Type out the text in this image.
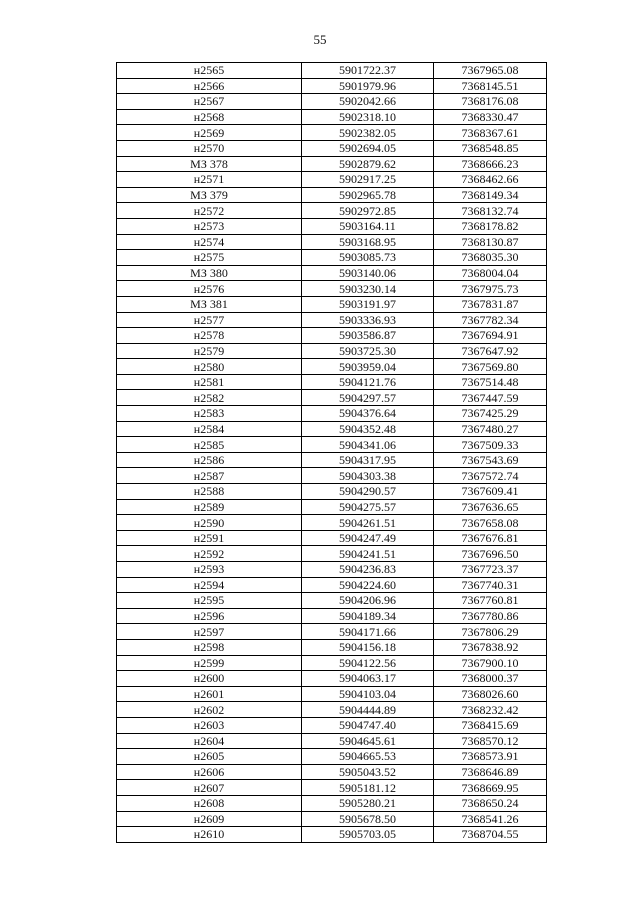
55
н2565	5901722.37	7367965.08
н2566	5901979.96	7368145.51
н2567	5902042.66	7368176.08
н2568	5902318.10	7368330.47
н2569	5902382.05	7368367.61
н2570	5902694.05	7368548.85
МЗ 378	5902879.62	7368666.23
н2571	5902917.25	7368462.66
МЗ 379	5902965.78	7368149.34
н2572	5902972.85	7368132.74
н2573	5903164.11	7368178.82
н2574	5903168.95	7368130.87
н2575	5903085.73	7368035.30
МЗ 380	5903140.06	7368004.04
н2576	5903230.14	7367975.73
МЗ 381	5903191.97	7367831.87
н2577	5903336.93	7367782.34
н2578	5903586.87	7367694.91
н2579	5903725.30	7367647.92
н2580	5903959.04	7367569.80
н2581	5904121.76	7367514.48
н2582	5904297.57	7367447.59
н2583	5904376.64	7367425.29
н2584	5904352.48	7367480.27
н2585	5904341.06	7367509.33
н2586	5904317.95	7367543.69
н2587	5904303.38	7367572.74
н2588	5904290.57	7367609.41
н2589	5904275.57	7367636.65
н2590	5904261.51	7367658.08
н2591	5904247.49	7367676.81
н2592	5904241.51	7367696.50
н2593	5904236.83	7367723.37
н2594	5904224.60	7367740.31
н2595	5904206.96	7367760.81
н2596	5904189.34	7367780.86
н2597	5904171.66	7367806.29
н2598	5904156.18	7367838.92
н2599	5904122.56	7367900.10
н2600	5904063.17	7368000.37
н2601	5904103.04	7368026.60
н2602	5904444.89	7368232.42
н2603	5904747.40	7368415.69
н2604	5904645.61	7368570.12
н2605	5904665.53	7368573.91
н2606	5905043.52	7368646.89
н2607	5905181.12	7368669.95
н2608	5905280.21	7368650.24
н2609	5905678.50	7368541.26
н2610	5905703.05	7368704.55
